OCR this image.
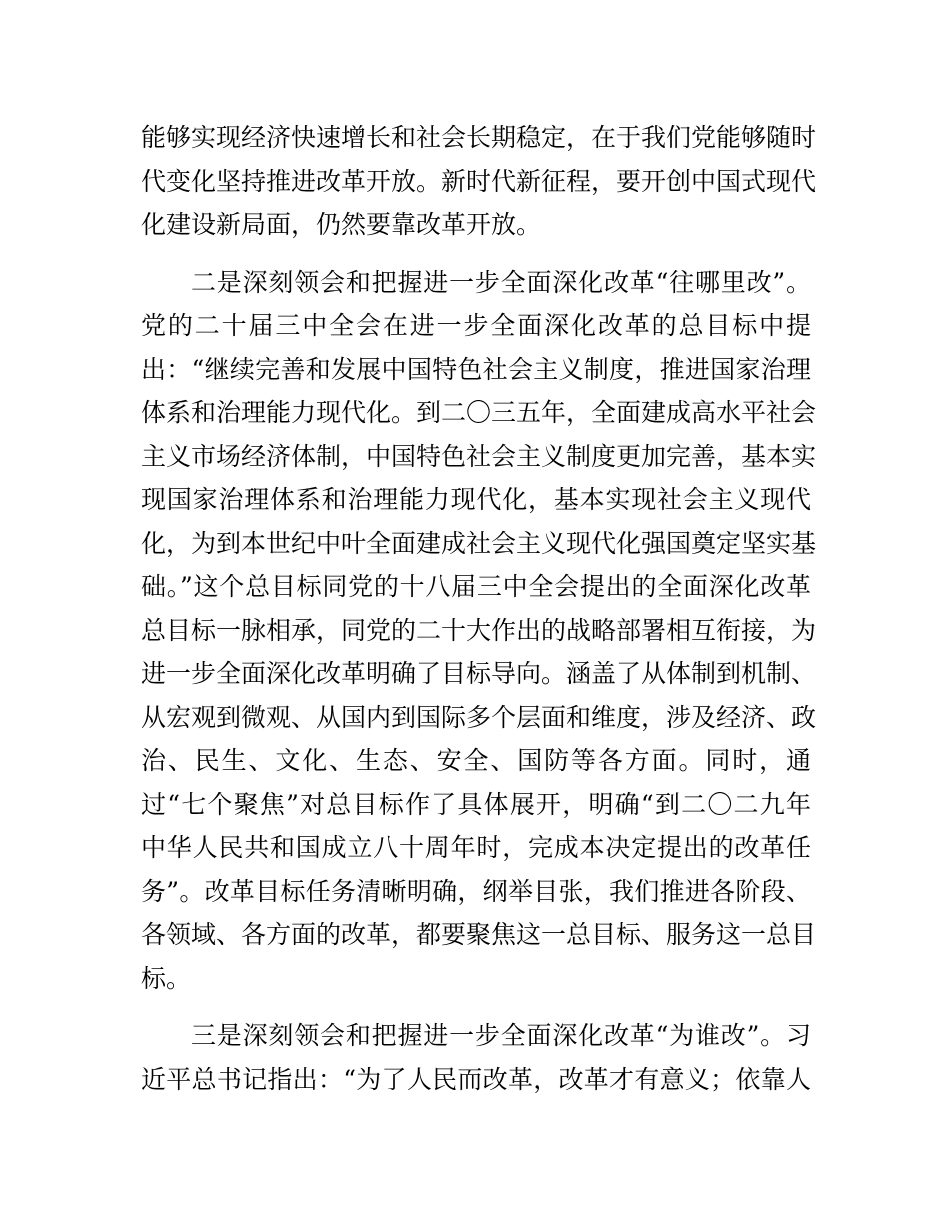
能够实现经济快速增长和社会长期稳定，在于我们党能够随时
代变化坚持推进改革开放。新时代新征程，要开创中国式现代
化建设新局面，仍然要靠改革开放。
二是深刻领会和把握进一步全面深化改革“往哪里改”。
党的二十届三中全会在进一步全面深化改革的总目标中提
出：“继续完善和发展中国特色社会主义制度，推进国家治理
体系和治理能力现代化。到二〇三五年，全面建成高水平社会
主义市场经济体制，中国特色社会主义制度更加完善，基本实
现国家治理体系和治理能力现代化，基本实现社会主义现代
化，为到本世纪中叶全面建成社会主义现代化强国奠定坚实基
础。”这个总目标同党的十八届三中全会提出的全面深化改革
总目标一脉相承，同党的二十大作出的战略部署相互衔接，为
进一步全面深化改革明确了目标导向。涵盖了从体制到机制、
从宏观到微观、从国内到国际多个层面和维度，涉及经济、政
治、民生、文化、生态、安全、国防等各方面。同时，通
过“七个聚焦”对总目标作了具体展开，明确“到二〇二九年
中华人民共和国成立八十周年时，完成本决定提出的改革任
务”。改革目标任务清晰明确，纲举目张，我们推进各阶段、
各领域、各方面的改革，都要聚焦这一总目标、服务这一总目
标。
三是深刻领会和把握进一步全面深化改革“为谁改”。习
近平总书记指出：“为了人民而改革，改革才有意义；依靠人
